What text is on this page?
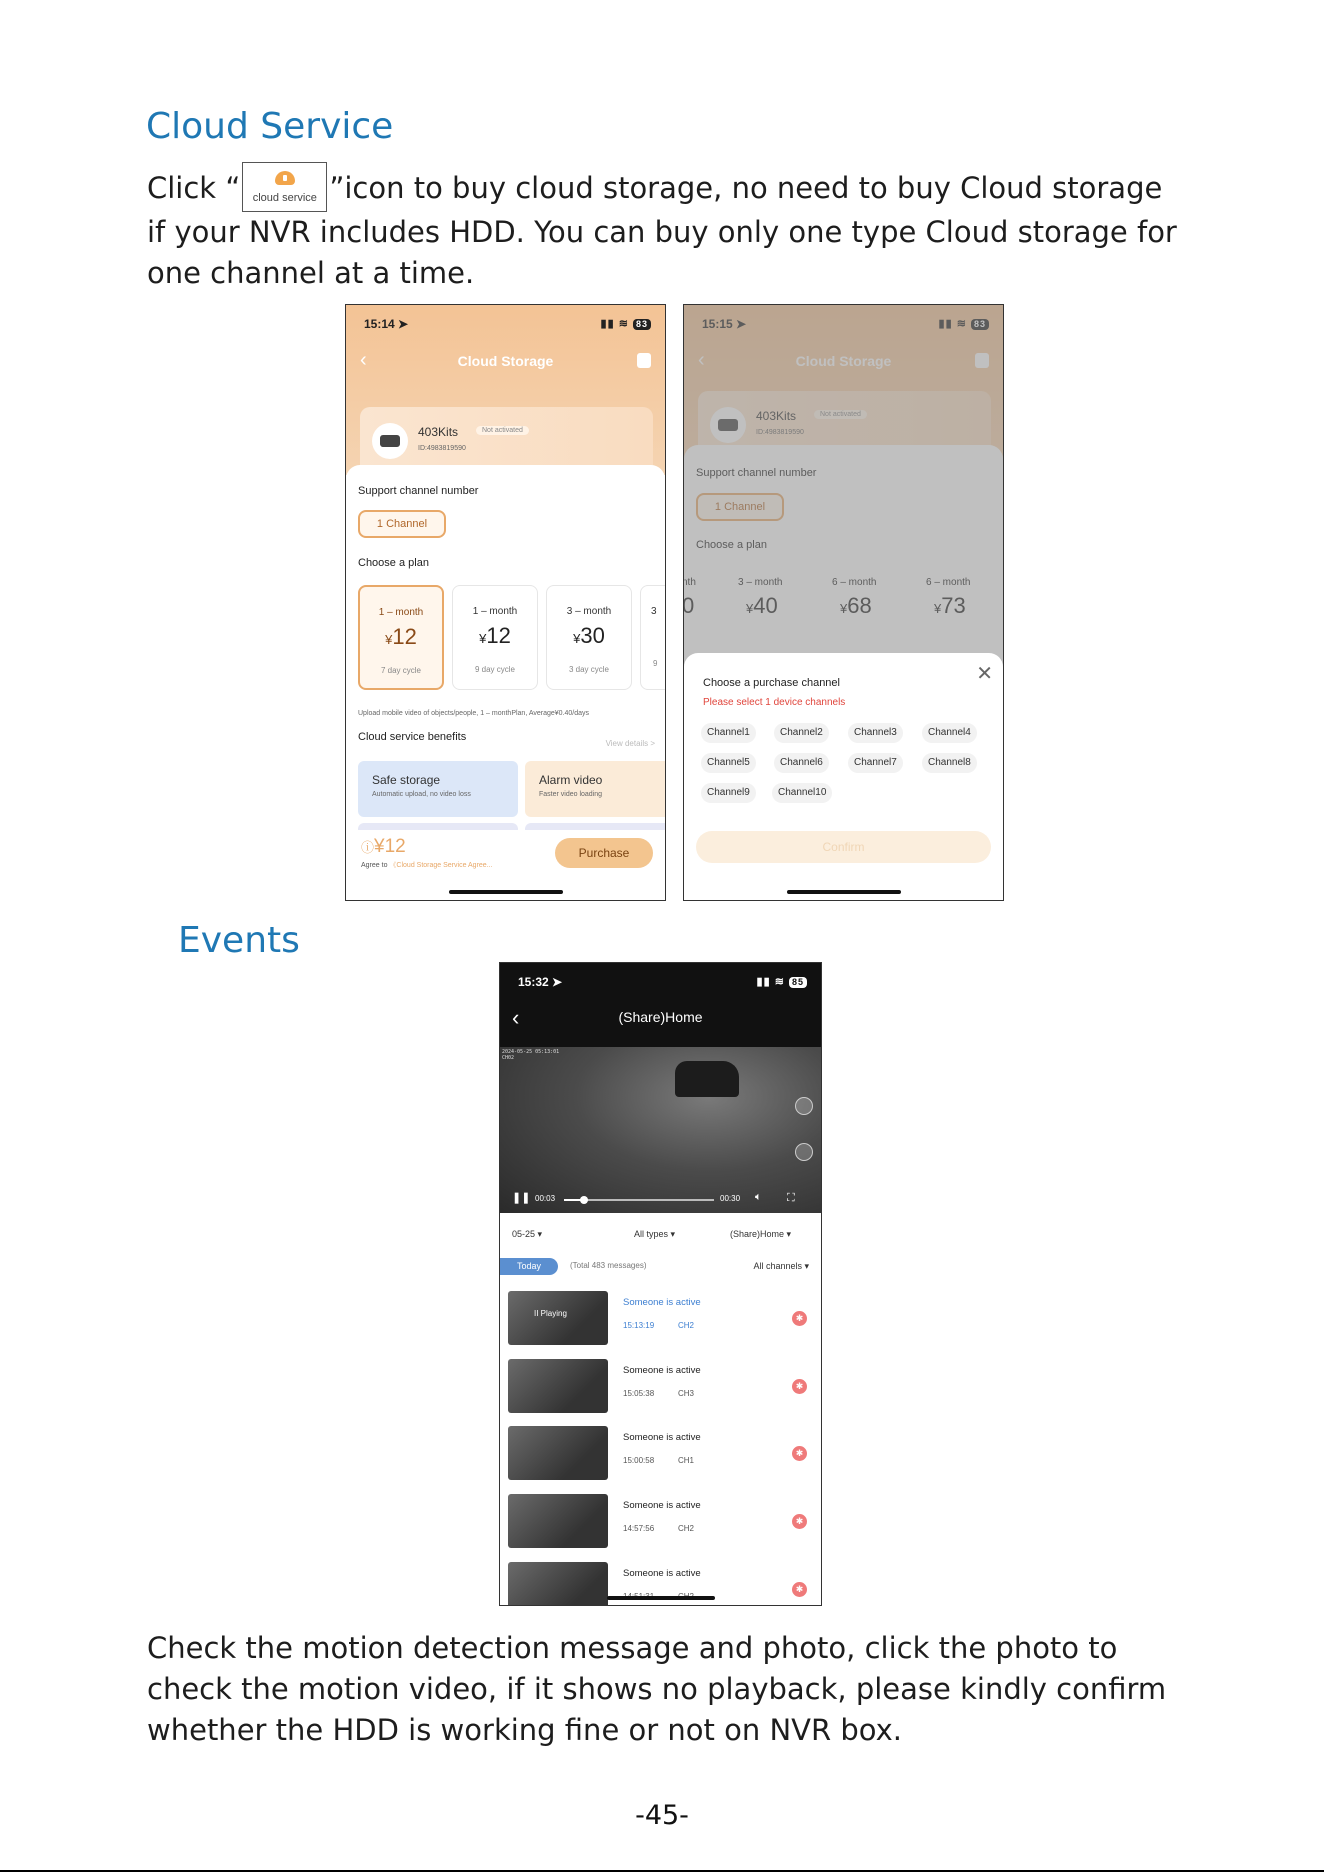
Cloud Service

Click “	cloud service ”icon to buy cloud storage, no need to buy Cloud storage if your NVR includes HDD. You can buy only one type Cloud storage for one channel at a time.

15:14 ➤	▮▮ ≋ 83
‹	Cloud Storage
403Kits	Not activated
ID:4983819590
Support channel number
1 Channel
Choose a plan
1 – month
¥12
7 day cycle
1 – month
¥12
9 day cycle
3 – month
¥30
3 day cycle
3
9
Upload mobile video of objects/people, 1 – monthPlan, Average¥0.40/days
Cloud service benefits
View details >
Safe storage
Automatic upload, no video loss
Alarm video
Faster video loading
ⓘ¥12
Agree to 《Cloud Storage Service Agree...
Purchase
Choose a purchase channel	✕
Please select 1 device channels
Channel1	Channel2	Channel3	Channel4
Channel5	Channel6	Channel7	Channel8
Channel9	Channel10
Confirm
Events
15:32 ➤	▮▮ ≋ 85
‹	(Share)Home
2024-05-25 05:13:01
CH02
❚❚ 00:03	00:30 🔈︎ ⛶
05-25 ▾	All types ▾	(Share)Home ▾
Today	(Total 483 messages)	All channels ▾
II Playing
Someone is active
15:13:19	CH2
✱
Someone is active
15:05:38	CH3
✱
Someone is active
15:00:58	CH1
✱
Someone is active
14:57:56	CH2
✱
Someone is active
✱

Check the motion detection message and photo, click the photo to check the motion video, if it shows no playback, please kindly confirm whether the HDD is working fine or not on NVR box.

-45-
